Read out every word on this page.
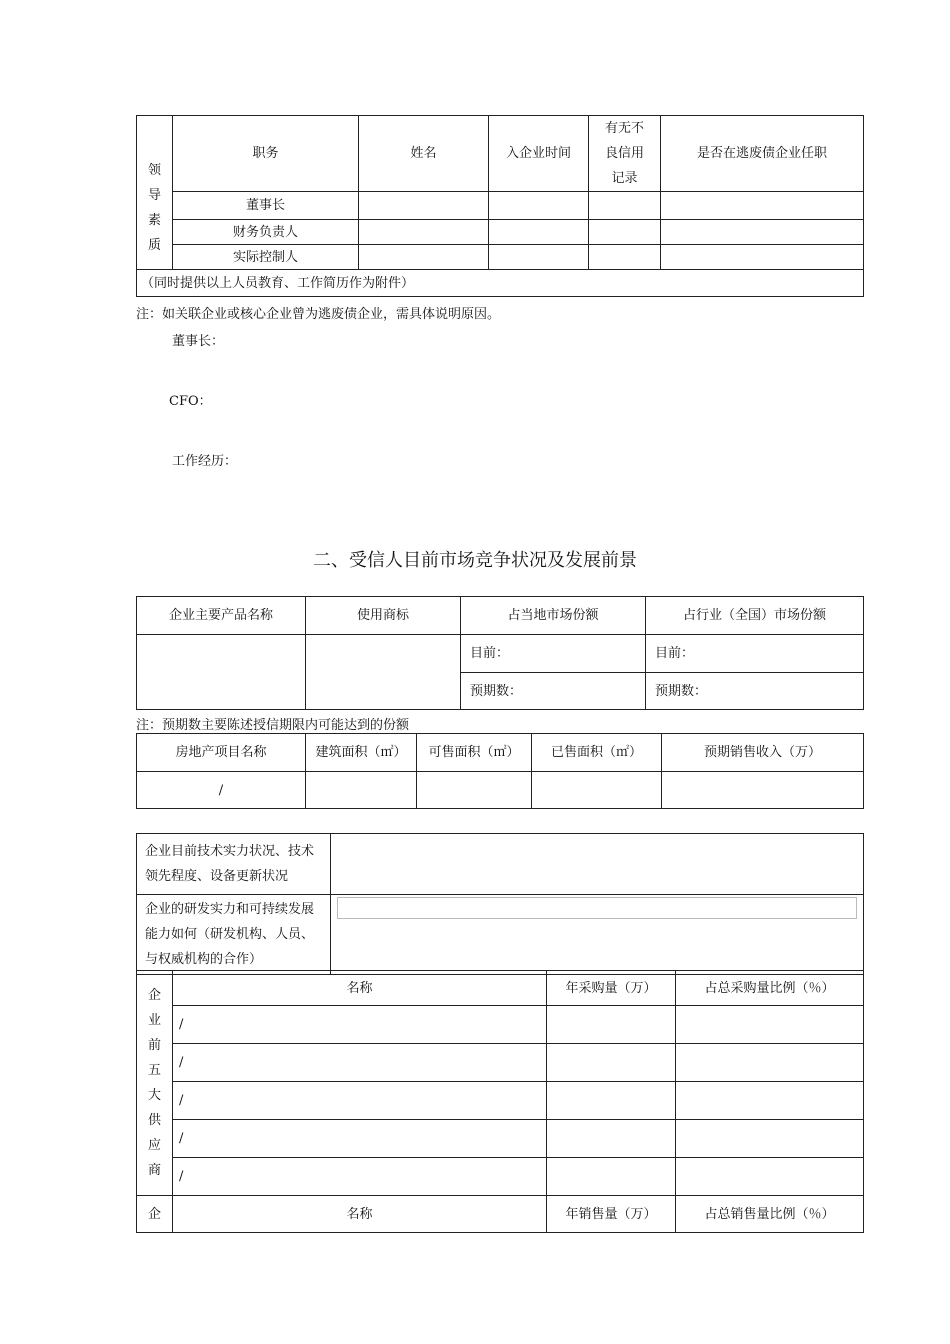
领导素质	职务	姓名	入企业时间	有无不良信用记录	是否在逃废债企业任职
	董事长				
	财务负责人				
	实际控制人				
（同时提供以上人员教育、工作简历作为附件）					
注：如关联企业或核心企业曾为逃废债企业，需具体说明原因。
董事长：
CFO：
工作经历：
二、受信人目前市场竞争状况及发展前景
企业主要产品名称	使用商标	占当地市场份额	占行业（全国）市场份额
		目前：	目前：
		预期数：	预期数：
注：预期数主要陈述授信期限内可能达到的份额
房地产项目名称	建筑面积（㎡）	可售面积（㎡）	已售面积（㎡）	预期销售收入（万）
/				
企业目前技术实力状况、技术领先程度、设备更新状况	
企业的研发实力和可持续发展能力如何（研发机构、人员、与权威机构的合作）	
企业前五大供应商	名称	年采购量（万）	占总采购量比例（％）
	/		
	/		
	/		
	/		
	/		
企	名称	年销售量（万）	占总销售量比例（％）
